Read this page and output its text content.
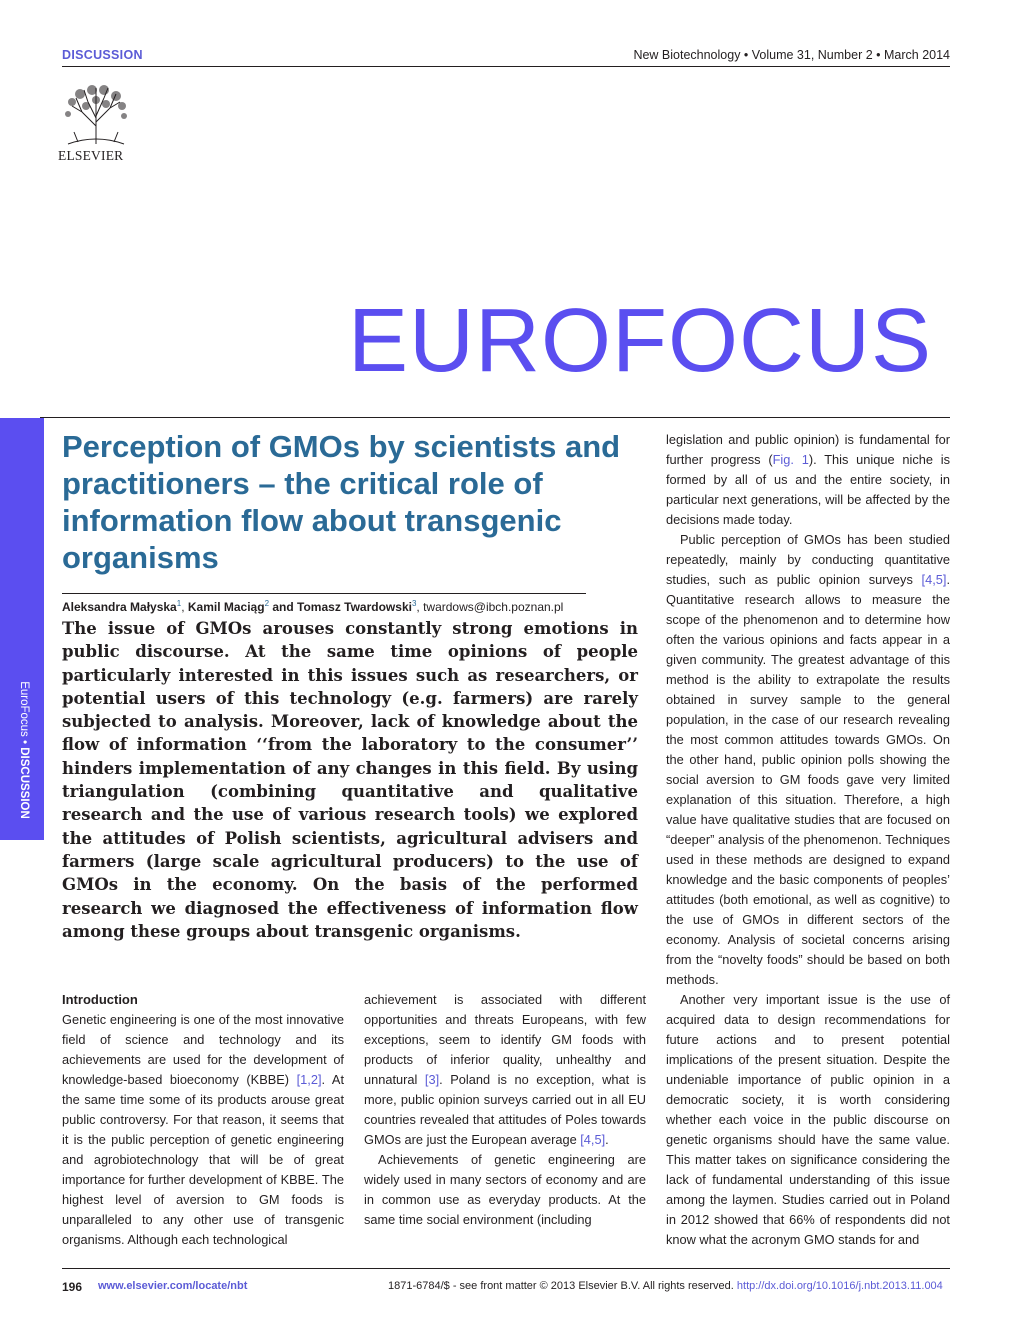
DISCUSSION	New Biotechnology • Volume 31, Number 2 • March 2014
ELSEVIER
EUROFOCUS
EuroFocus • DISCUSSION
Perception of GMOs by scientists and practitioners – the critical role of information flow about transgenic organisms
Aleksandra Małyska$^1$, Kamil Maciąg$^2$ and Tomasz Twardowski$^3$, twardows@ibch.poznan.pl
The issue of GMOs arouses constantly strong emotions in public discourse. At the same time opinions of people particularly interested in this issues such as researchers, or potential users of this technology (e.g. farmers) are rarely subjected to analysis. Moreover, lack of knowledge about the flow of information ‘‘from the laboratory to the consumer’’ hinders implementation of any changes in this field. By using triangulation (combining quantitative and qualitative research and the use of various research tools) we explored the attitudes of Polish scientists, agricultural advisers and farmers (large scale agricultural producers) to the use of GMOs in the economy. On the basis of the performed research we diagnosed the effectiveness of information flow among these groups about transgenic organisms.
Introduction

Genetic engineering is one of the most innovative field of science and technology and its achievements are used for the development of knowledge-based bioeconomy (KBBE) [1,2]. At the same time some of its products arouse great public controversy. For that reason, it seems that it is the public perception of genetic engineering and agrobiotechnology that will be of great importance for further development of KBBE. The highest level of aversion to GM foods is unparalleled to any other use of transgenic organisms. Although each technological

achievement is associated with different opportunities and threats Europeans, with few exceptions, seem to identify GM foods with products of inferior quality, unhealthy and unnatural [3]. Poland is no exception, what is more, public opinion surveys carried out in all EU countries revealed that attitudes of Poles towards GMOs are just the European average [4,5].

Achievements of genetic engineering are widely used in many sectors of economy and are in common use as everyday products. At the same time social environment (including

legislation and public opinion) is fundamental for further progress (Fig. 1). This unique niche is formed by all of us and the entire society, in particular next generations, will be affected by the decisions made today.

Public perception of GMOs has been studied repeatedly, mainly by conducting quantitative studies, such as public opinion surveys [4,5]. Quantitative research allows to measure the scope of the phenomenon and to determine how often the various opinions and facts appear in a given community. The greatest advantage of this method is the ability to extrapolate the results obtained in survey sample to the general population, in the case of our research revealing the most common attitudes towards GMOs. On the other hand, public opinion polls showing the social aversion to GM foods gave very limited explanation of this situation. Therefore, a high value have qualitative studies that are focused on “deeper” analysis of the phenomenon. Techniques used in these methods are designed to expand knowledge and the basic components of peoples’ attitudes (both emotional, as well as cognitive) to the use of GMOs in different sectors of the economy. Analysis of societal concerns arising from the “novelty foods” should be based on both methods.

Another very important issue is the use of acquired data to design recommendations for future actions and to present potential implications of the present situation. Despite the undeniable importance of public opinion in a democratic society, it is worth considering whether each voice in the public discourse on genetic organisms should have the same value. This matter takes on significance considering the lack of fundamental understanding of this issue among the laymen. Studies carried out in Poland in 2012 showed that 66% of respondents did not know what the acronym GMO stands for and

196 www.elsevier.com/locate/nbt	1871-6784/$ - see front matter © 2013 Elsevier B.V. All rights reserved. http://dx.doi.org/10.1016/j.nbt.2013.11.004
